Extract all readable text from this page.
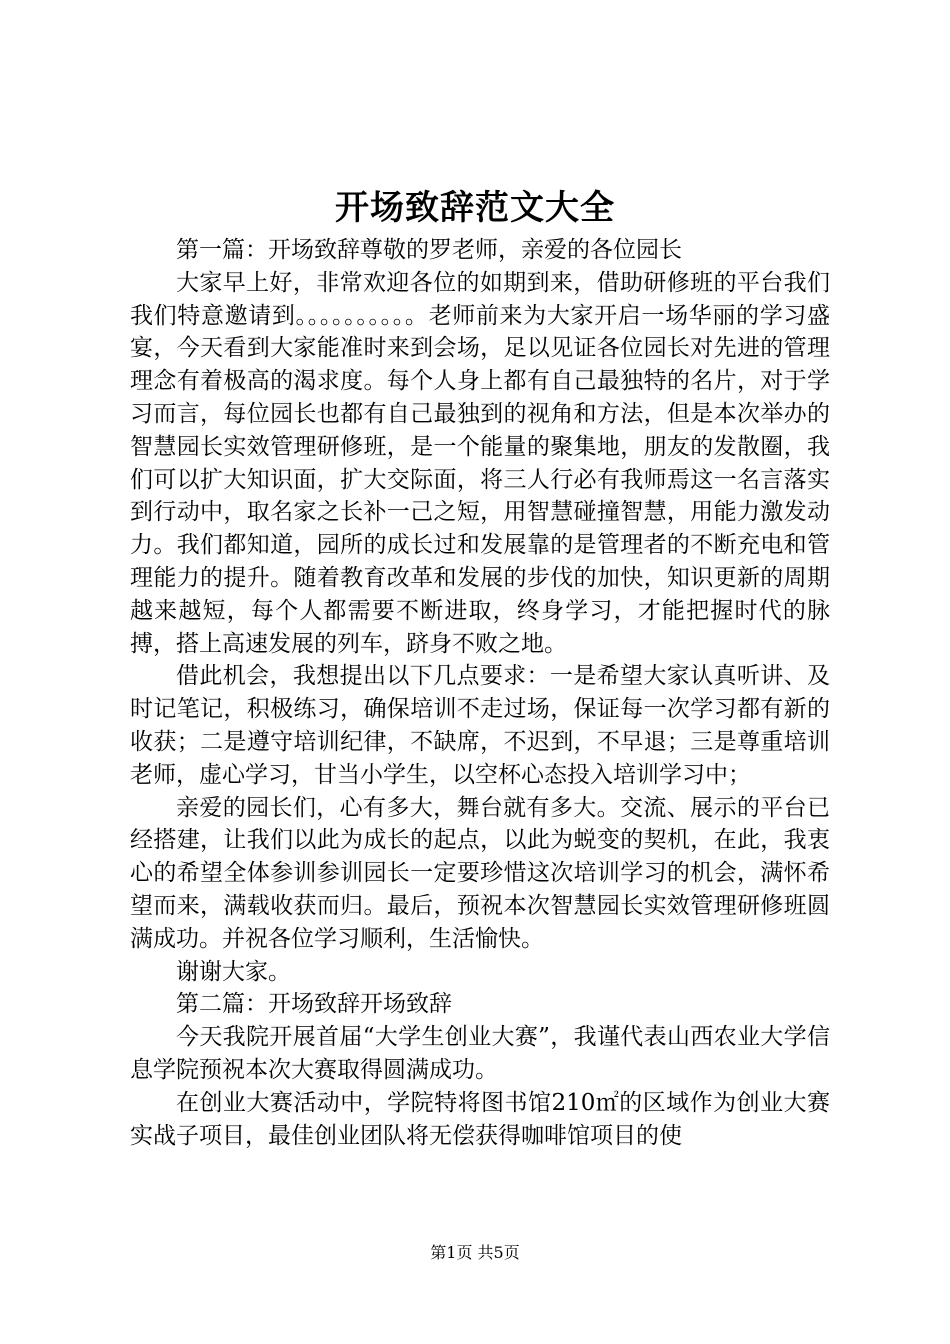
开场致辞范文大全

第一篇：开场致辞尊敬的罗老师，亲爱的各位园长

大家早上好，非常欢迎各位的如期到来，借助研修班的平台我们我们特意邀请到。。。。。。。。。。老师前来为大家开启一场华丽的学习盛宴，今天看到大家能准时来到会场，足以见证各位园长对先进的管理理念有着极高的渴求度。每个人身上都有自己最独特的名片，对于学习而言，每位园长也都有自己最独到的视角和方法，但是本次举办的智慧园长实效管理研修班，是一个能量的聚集地，朋友的发散圈，我们可以扩大知识面，扩大交际面，将三人行必有我师焉这一名言落实到行动中，取名家之长补一己之短，用智慧碰撞智慧，用能力激发动力。我们都知道，园所的成长过和发展靠的是管理者的不断充电和管理能力的提升。随着教育改革和发展的步伐的加快，知识更新的周期越来越短，每个人都需要不断进取，终身学习，才能把握时代的脉搏，搭上高速发展的列车，跻身不败之地。

借此机会，我想提出以下几点要求：一是希望大家认真听讲、及时记笔记，积极练习，确保培训不走过场，保证每一次学习都有新的收获；二是遵守培训纪律，不缺席，不迟到，不早退；三是尊重培训老师，虚心学习，甘当小学生，以空杯心态投入培训学习中；

亲爱的园长们，心有多大，舞台就有多大。交流、展示的平台已经搭建，让我们以此为成长的起点，以此为蜕变的契机，在此，我衷心的希望全体参训参训园长一定要珍惜这次培训学习的机会，满怀希望而来，满载收获而归。最后，预祝本次智慧园长实效管理研修班圆满成功。并祝各位学习顺利，生活愉快。

谢谢大家。

第二篇：开场致辞开场致辞

今天我院开展首届“大学生创业大赛”，我谨代表山西农业大学信息学院预祝本次大赛取得圆满成功。

在创业大赛活动中，学院特将图书馆210㎡的区域作为创业大赛实战子项目，最佳创业团队将无偿获得咖啡馆项目的使

第1页 共5页
